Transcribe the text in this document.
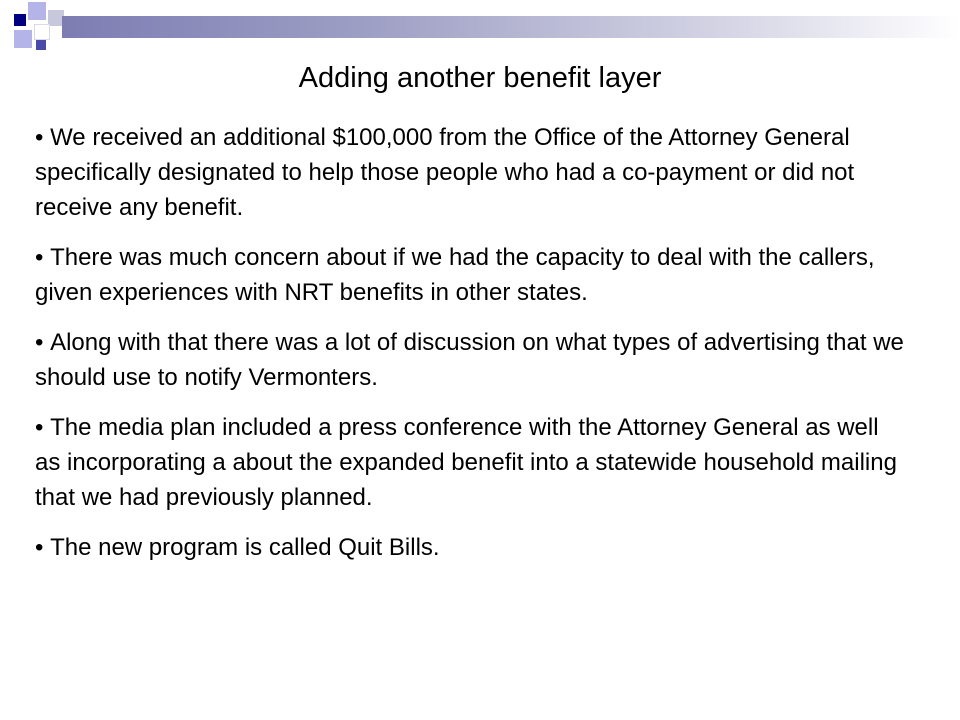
Adding another benefit layer
• We received an additional $100,000 from the Office of the Attorney General specifically designated to help those people who had a co-payment or did not receive any benefit.
• There was much concern about if we had the capacity to deal with the callers, given experiences with NRT benefits in other states.
• Along with that there was a lot of discussion on what types of advertising that we should use to notify Vermonters.
• The media plan included a press conference with the Attorney General as well as incorporating a about the expanded benefit into a statewide household mailing that we had previously planned.
• The new program is called Quit Bills.
